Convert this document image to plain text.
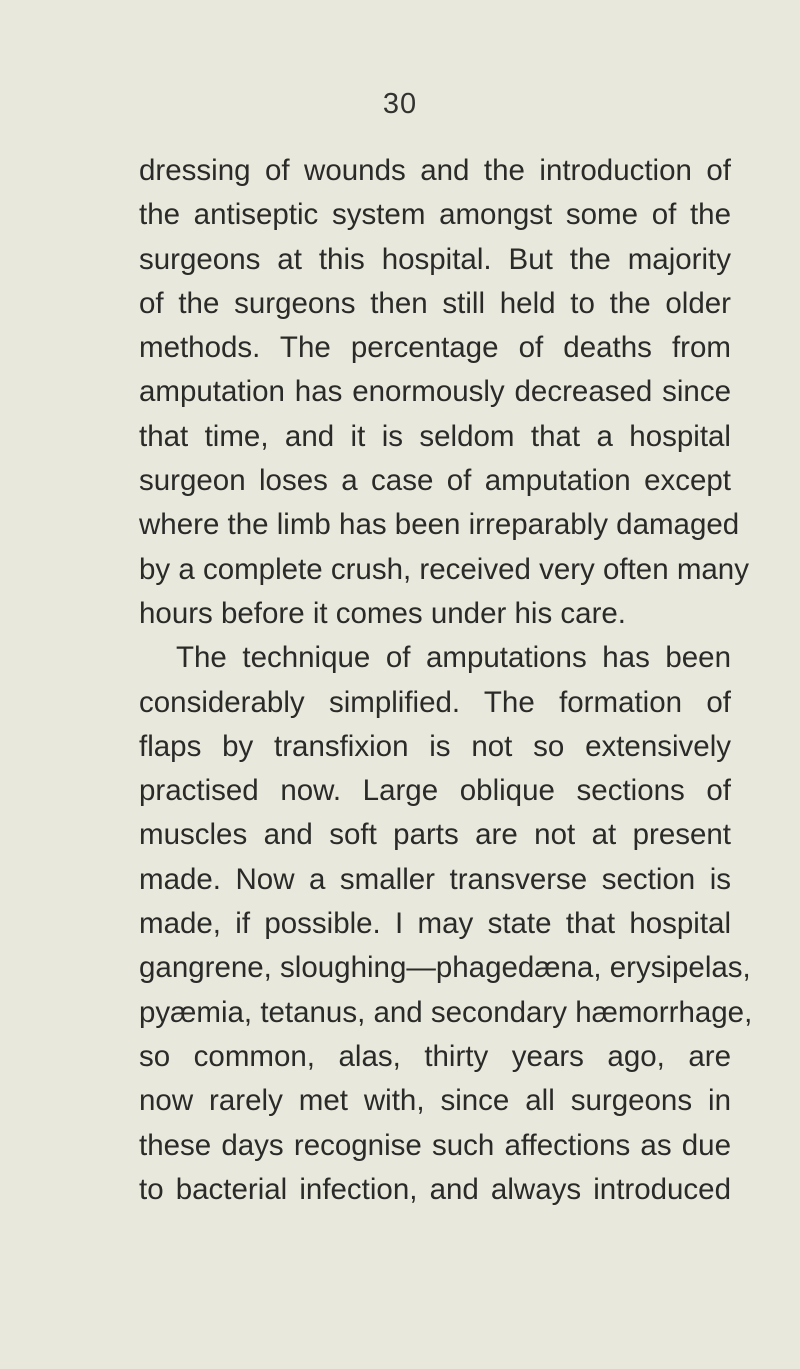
30
dressing of wounds and the introduction of
the antiseptic system amongst some of the
surgeons at this hospital. But the majority
of the surgeons then still held to the older
methods. The percentage of deaths from
amputation has enormously decreased since
that time, and it is seldom that a hospital
surgeon loses a case of amputation except
where the limb has been irreparably damaged
by a complete crush, received very often many
hours before it comes under his care.
The technique of amputations has been
considerably simplified. The formation of
flaps by transfixion is not so extensively
practised now. Large oblique sections of
muscles and soft parts are not at present
made. Now a smaller transverse section is
made, if possible. I may state that hospital
gangrene, sloughing—phagedæna, erysipelas,
pyæmia, tetanus, and secondary hæmorrhage,
so common, alas, thirty years ago, are
now rarely met with, since all surgeons in
these days recognise such affections as due
to bacterial infection, and always introduced
